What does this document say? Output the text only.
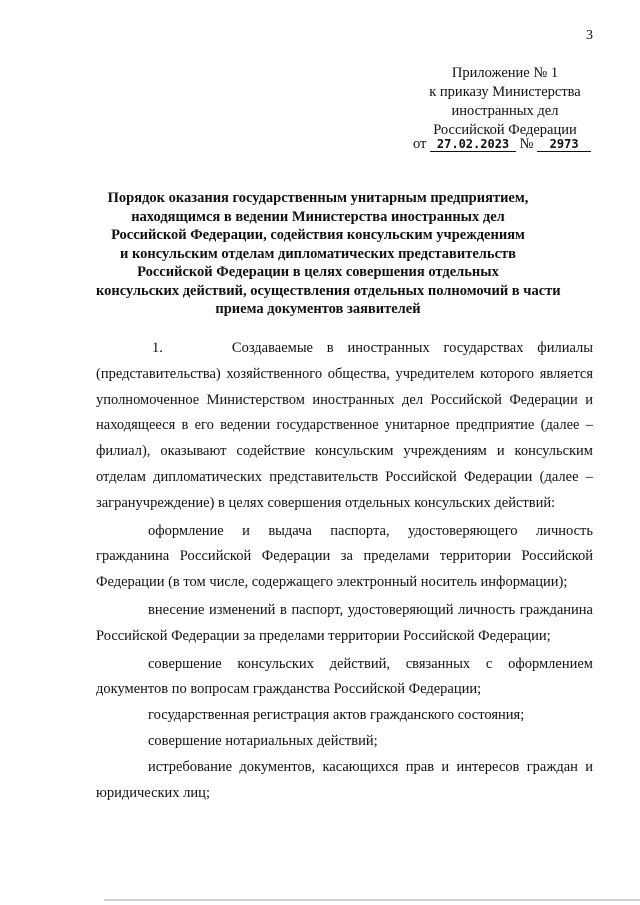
3
Приложение № 1
к приказу Министерства
иностранных дел
Российской Федерации
от 27.02.2023 № 2973
Порядок оказания государственным унитарным предприятием,
находящимся в ведении Министерства иностранных дел
Российской Федерации, содействия консульским учреждениям
и консульским отделам дипломатических представительств
Российской Федерации в целях совершения отдельных
консульских действий, осуществления отдельных полномочий в части
приема документов заявителей

1.     Создаваемые в иностранных государствах филиалы (представительства) хозяйственного общества, учредителем которого является уполномоченное Министерством иностранных дел Российской Федерации и находящееся в его ведении государственное унитарное предприятие (далее – филиал), оказывают содействие консульским учреждениям и консульским отделам дипломатических представительств Российской Федерации (далее – загранучреждение) в целях совершения отдельных консульских действий:

оформление и выдача паспорта, удостоверяющего личность гражданина Российской Федерации за пределами территории Российской Федерации (в том числе, содержащего электронный носитель информации);

внесение изменений в паспорт, удостоверяющий личность гражданина Российской Федерации за пределами территории Российской Федерации;

совершение консульских действий, связанных с оформлением документов по вопросам гражданства Российской Федерации;

государственная регистрация актов гражданского состояния;

совершение нотариальных действий;

истребование документов, касающихся прав и интересов граждан и юридических лиц;
